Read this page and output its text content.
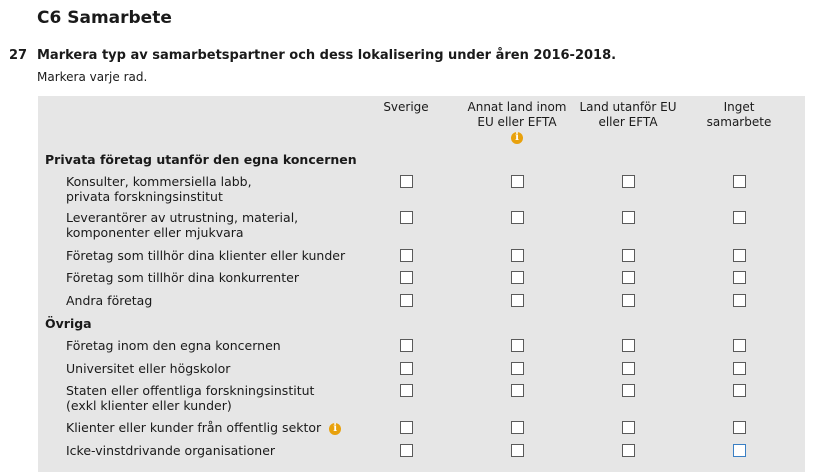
C6 Samarbete
27 Markera typ av samarbetspartner och dess lokalisering under åren 2016-2018.
Markera varje rad.
Sverige	Annat land inom
EU eller EFTA
i
Land utanför EU
eller EFTA
Inget
samarbete
Privata företag utanför den egna koncernen
Konsulter, kommersiella labb,
privata forskningsinstitut
Leverantörer av utrustning, material,
komponenter eller mjukvara
Företag som tillhör dina klienter eller kunder
Företag som tillhör dina konkurrenter
Andra företag
Övriga
Företag inom den egna koncernen
Universitet eller högskolor
Staten eller offentliga forskningsinstitut
(exkl klienter eller kunder)
Klienter eller kunder från offentlig sektor i
Icke-vinstdrivande organisationer
